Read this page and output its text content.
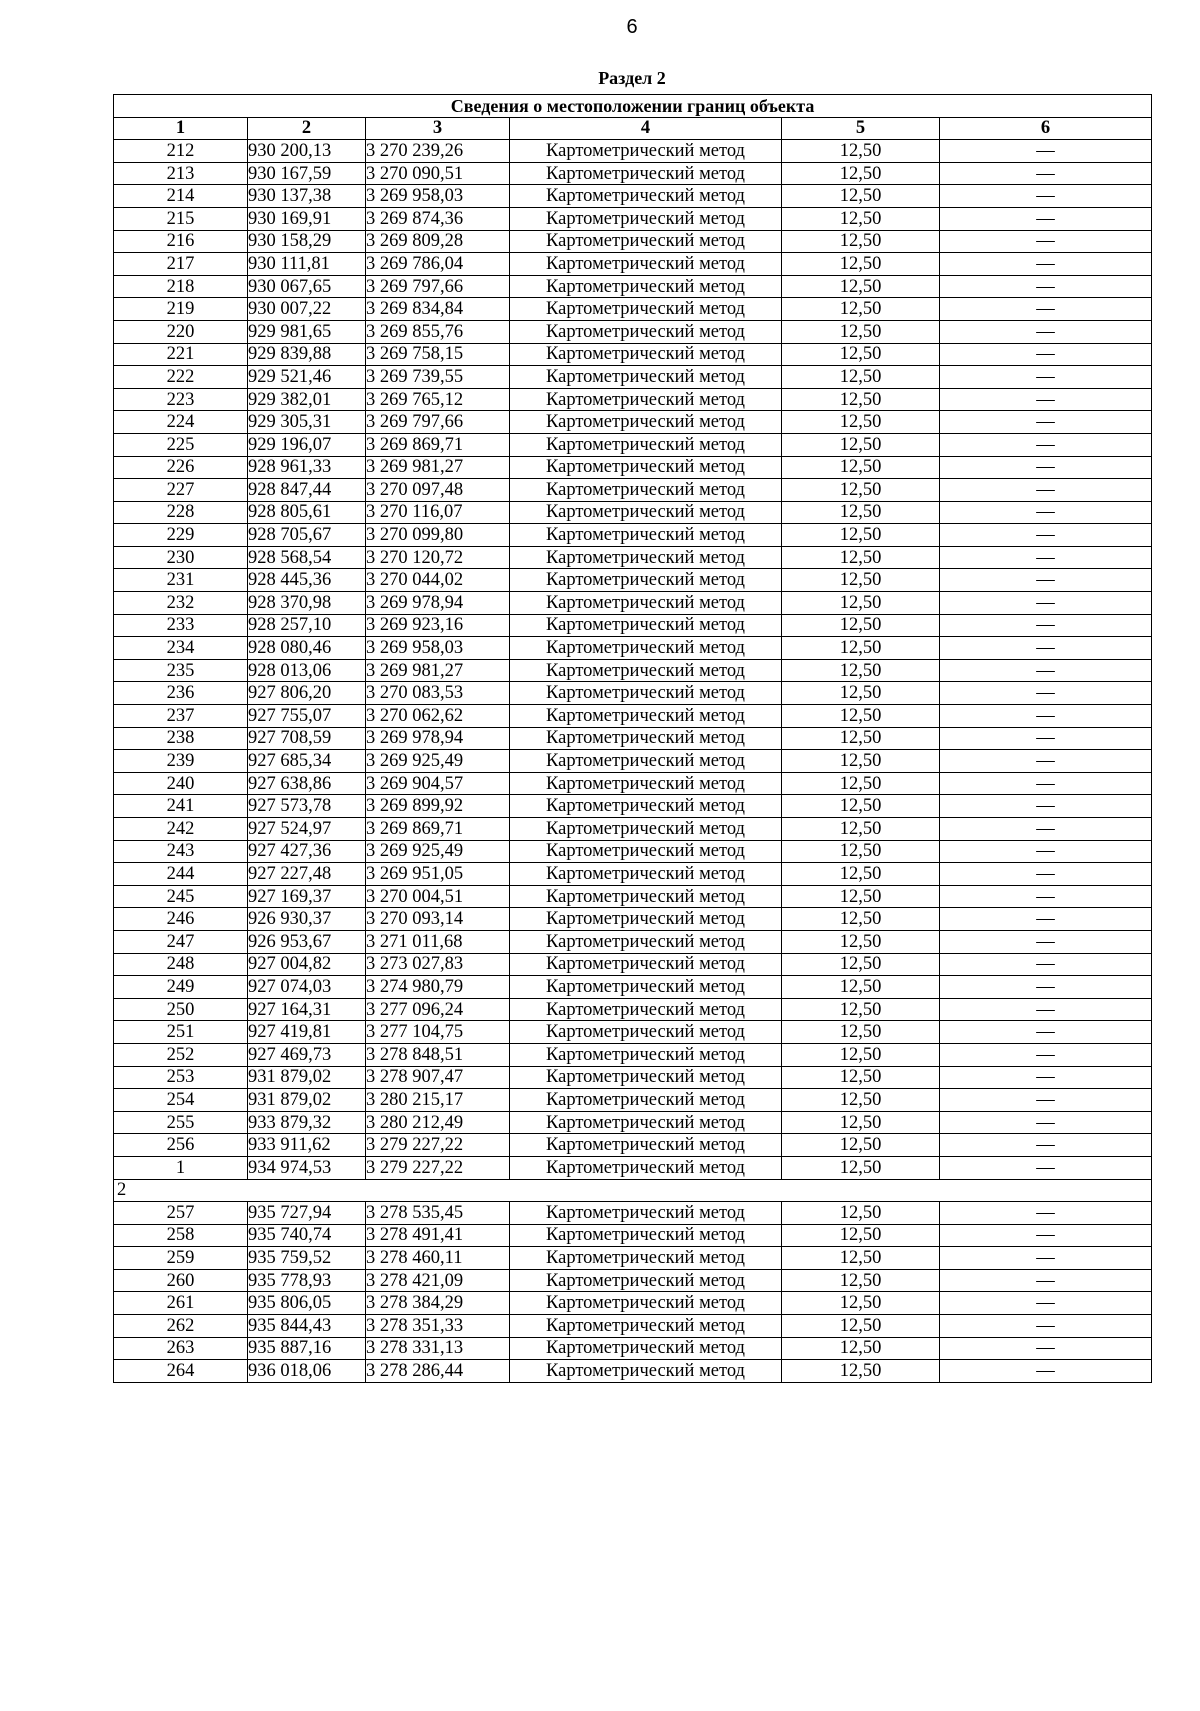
6
Раздел 2
Сведения о местоположении границ объекта					
1	2	3	4	5	6
212	930 200,13	3 270 239,26	Картометрический метод	12,50	—
213	930 167,59	3 270 090,51	Картометрический метод	12,50	—
214	930 137,38	3 269 958,03	Картометрический метод	12,50	—
215	930 169,91	3 269 874,36	Картометрический метод	12,50	—
216	930 158,29	3 269 809,28	Картометрический метод	12,50	—
217	930 111,81	3 269 786,04	Картометрический метод	12,50	—
218	930 067,65	3 269 797,66	Картометрический метод	12,50	—
219	930 007,22	3 269 834,84	Картометрический метод	12,50	—
220	929 981,65	3 269 855,76	Картометрический метод	12,50	—
221	929 839,88	3 269 758,15	Картометрический метод	12,50	—
222	929 521,46	3 269 739,55	Картометрический метод	12,50	—
223	929 382,01	3 269 765,12	Картометрический метод	12,50	—
224	929 305,31	3 269 797,66	Картометрический метод	12,50	—
225	929 196,07	3 269 869,71	Картометрический метод	12,50	—
226	928 961,33	3 269 981,27	Картометрический метод	12,50	—
227	928 847,44	3 270 097,48	Картометрический метод	12,50	—
228	928 805,61	3 270 116,07	Картометрический метод	12,50	—
229	928 705,67	3 270 099,80	Картометрический метод	12,50	—
230	928 568,54	3 270 120,72	Картометрический метод	12,50	—
231	928 445,36	3 270 044,02	Картометрический метод	12,50	—
232	928 370,98	3 269 978,94	Картометрический метод	12,50	—
233	928 257,10	3 269 923,16	Картометрический метод	12,50	—
234	928 080,46	3 269 958,03	Картометрический метод	12,50	—
235	928 013,06	3 269 981,27	Картометрический метод	12,50	—
236	927 806,20	3 270 083,53	Картометрический метод	12,50	—
237	927 755,07	3 270 062,62	Картометрический метод	12,50	—
238	927 708,59	3 269 978,94	Картометрический метод	12,50	—
239	927 685,34	3 269 925,49	Картометрический метод	12,50	—
240	927 638,86	3 269 904,57	Картометрический метод	12,50	—
241	927 573,78	3 269 899,92	Картометрический метод	12,50	—
242	927 524,97	3 269 869,71	Картометрический метод	12,50	—
243	927 427,36	3 269 925,49	Картометрический метод	12,50	—
244	927 227,48	3 269 951,05	Картометрический метод	12,50	—
245	927 169,37	3 270 004,51	Картометрический метод	12,50	—
246	926 930,37	3 270 093,14	Картометрический метод	12,50	—
247	926 953,67	3 271 011,68	Картометрический метод	12,50	—
248	927 004,82	3 273 027,83	Картометрический метод	12,50	—
249	927 074,03	3 274 980,79	Картометрический метод	12,50	—
250	927 164,31	3 277 096,24	Картометрический метод	12,50	—
251	927 419,81	3 277 104,75	Картометрический метод	12,50	—
252	927 469,73	3 278 848,51	Картометрический метод	12,50	—
253	931 879,02	3 278 907,47	Картометрический метод	12,50	—
254	931 879,02	3 280 215,17	Картометрический метод	12,50	—
255	933 879,32	3 280 212,49	Картометрический метод	12,50	—
256	933 911,62	3 279 227,22	Картометрический метод	12,50	—
1	934 974,53	3 279 227,22	Картометрический метод	12,50	—
2					
257	935 727,94	3 278 535,45	Картометрический метод	12,50	—
258	935 740,74	3 278 491,41	Картометрический метод	12,50	—
259	935 759,52	3 278 460,11	Картометрический метод	12,50	—
260	935 778,93	3 278 421,09	Картометрический метод	12,50	—
261	935 806,05	3 278 384,29	Картометрический метод	12,50	—
262	935 844,43	3 278 351,33	Картометрический метод	12,50	—
263	935 887,16	3 278 331,13	Картометрический метод	12,50	—
264	936 018,06	3 278 286,44	Картометрический метод	12,50	—
